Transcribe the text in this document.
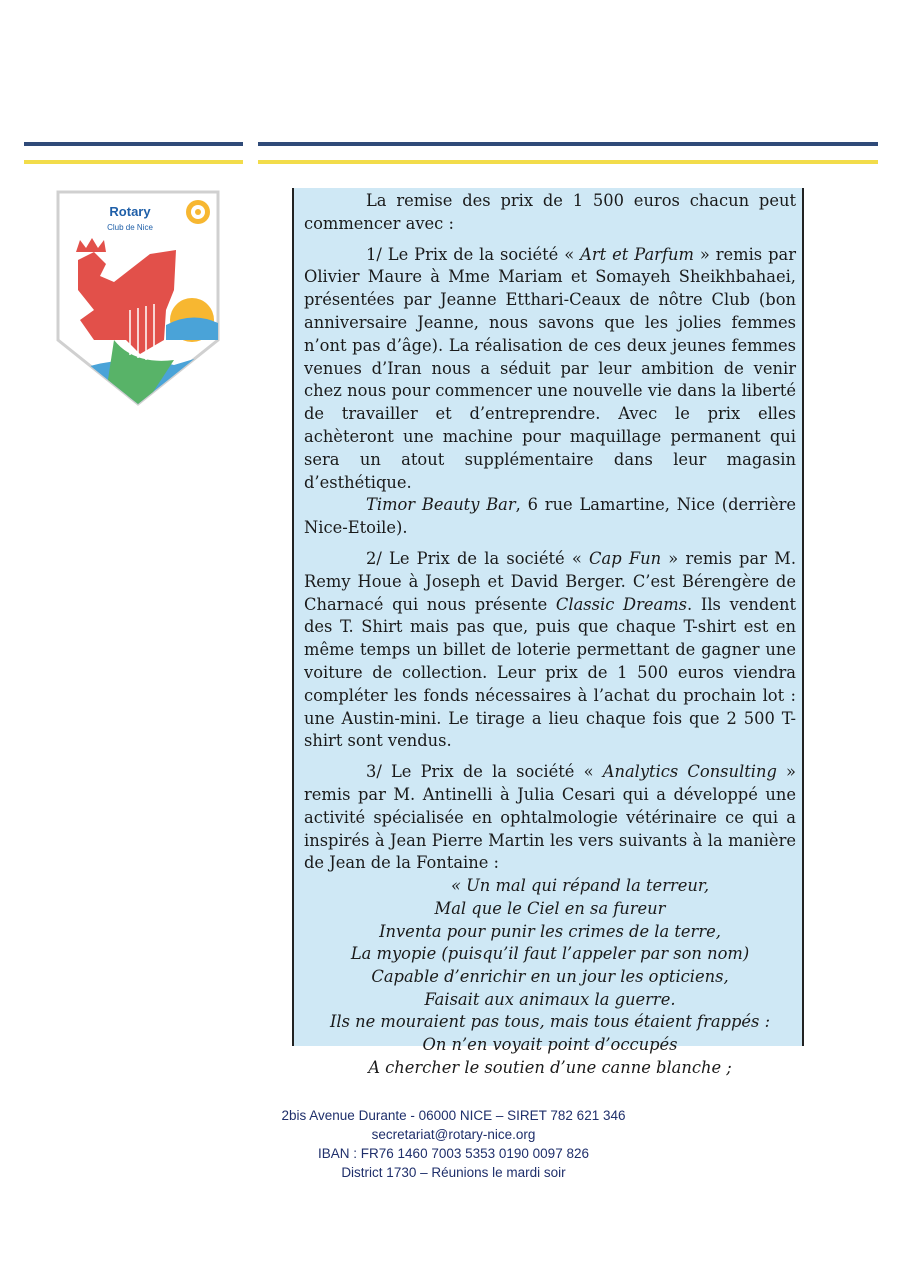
Rotary
Club de Nice

La remise des prix de 1 500 euros chacun peut commencer avec :

1/ Le Prix de la société « Art et Parfum » remis par Olivier Maure à Mme Mariam et Somayeh Sheikhbahaei, présentées par Jeanne Etthari-Ceaux de nôtre Club (bon anniversaire Jeanne, nous savons que les jolies femmes n’ont pas d’âge). La réalisation de ces deux jeunes femmes venues d’Iran nous a séduit par leur ambition de venir chez nous pour commencer une nouvelle vie dans la liberté de travailler et d’entreprendre. Avec le prix elles achèteront une machine pour maquillage permanent qui sera un atout supplémentaire dans leur magasin d’esthétique.

Timor Beauty Bar, 6 rue Lamartine, Nice (derrière Nice-Etoile).

2/ Le Prix de la société « Cap Fun » remis par M. Remy Houe à Joseph et David Berger. C’est Bérengère de Charnacé qui nous présente Classic Dreams. Ils vendent des T. Shirt mais pas que, puis que chaque T-shirt est en même temps un billet de loterie permettant de gagner une voiture de collection. Leur prix de 1 500 euros viendra compléter les fonds nécessaires à l’achat du prochain lot : une Austin-mini. Le tirage a lieu chaque fois que 2 500 T-shirt sont vendus.

3/ Le Prix de la société « Analytics Consulting » remis par M. Antinelli à Julia Cesari qui a développé une activité spécialisée en ophtalmologie vétérinaire ce qui a inspirés à Jean Pierre Martin les vers suivants à la manière de Jean de la Fontaine :

« Un mal qui répand la terreur,
Mal que le Ciel en sa fureur
Inventa pour punir les crimes de la terre,
La myopie (puisqu’il faut l’appeler par son nom)
Capable d’enrichir en un jour les opticiens,
Faisait aux animaux la guerre.
Ils ne mouraient pas tous, mais tous étaient frappés :
On n’en voyait point d’occupés
A chercher le soutien d’une canne blanche ;
2bis Avenue Durante - 06000 NICE – SIRET 782 621 346
secretariat@rotary-nice.org
IBAN : FR76 1460 7003 5353 0190 0097 826
District 1730 – Réunions le mardi soir
